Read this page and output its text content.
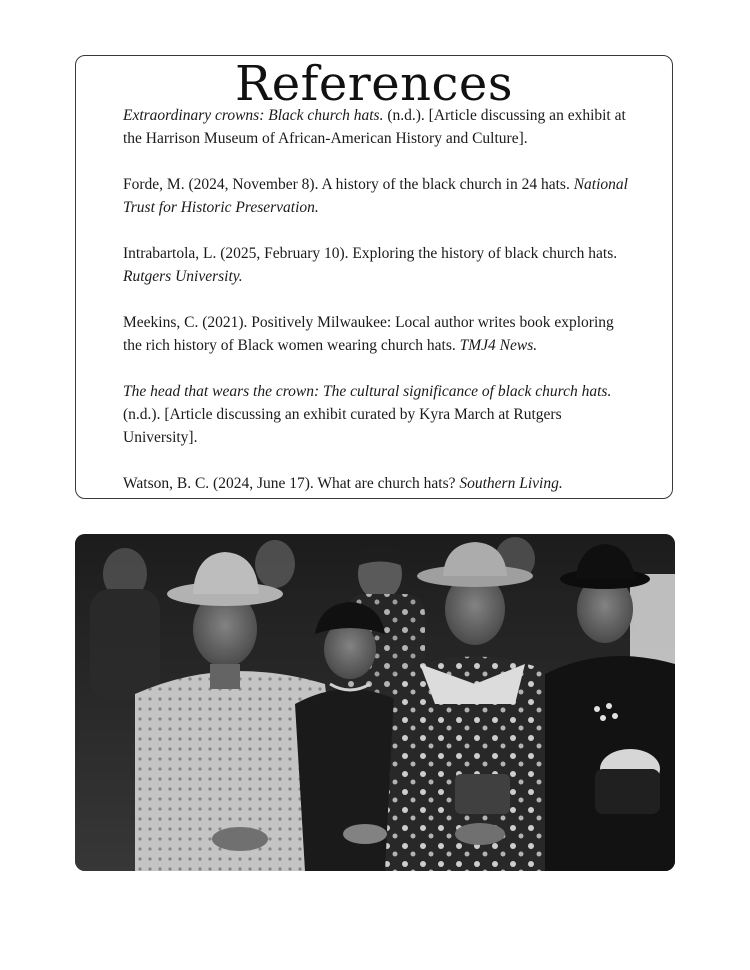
References

Extraordinary crowns: Black church hats. (n.d.). [Article discussing an exhibit at the Harrison Museum of African-American History and Culture].

Forde, M. (2024, November 8). A history of the black church in 24 hats. National Trust for Historic Preservation.

Intrabartola, L. (2025, February 10). Exploring the history of black church hats. Rutgers University.

Meekins, C. (2021). Positively Milwaukee: Local author writes book exploring the rich history of Black women wearing church hats. TMJ4 News.

The head that wears the crown: The cultural significance of black church hats. (n.d.). [Article discussing an exhibit curated by Kyra March at Rutgers University].

Watson, B. C. (2024, June 17). What are church hats? Southern Living.
